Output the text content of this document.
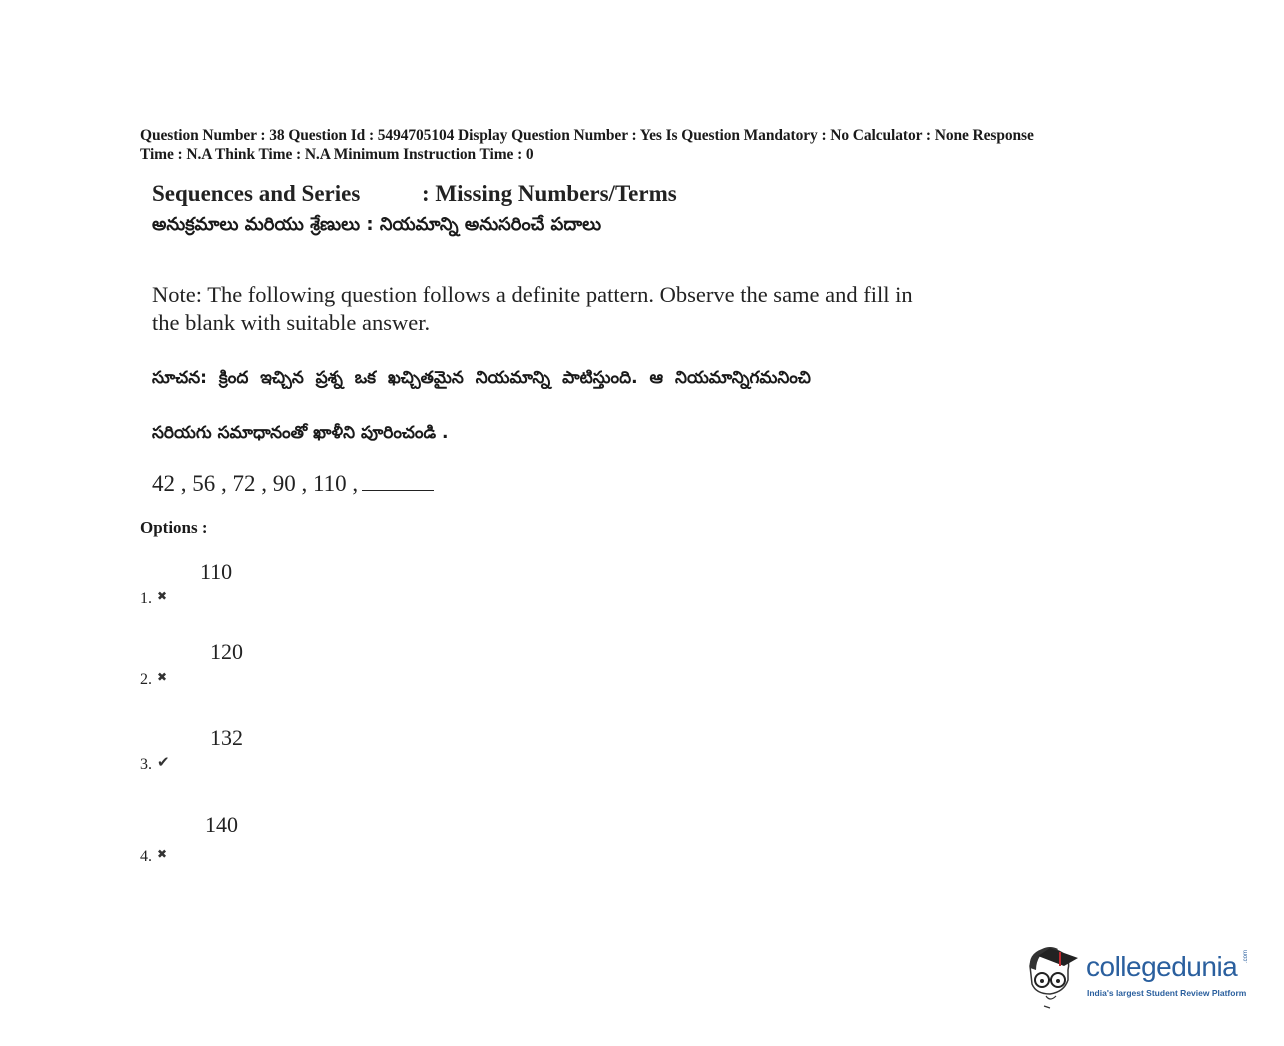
Question Number : 38 Question Id : 5494705104 Display Question Number : Yes Is Question Mandatory : No Calculator : None Response
Time : N.A Think Time : N.A Minimum Instruction Time : 0
Sequences and Series	: Missing Numbers/Terms
అనుక్రమాలు మరియు శ్రేణులు : నియమాన్ని అనుసరించే పదాలు
Note: The following question follows a definite pattern. Observe the same and fill in
the blank with suitable answer.
సూచన: క్రింద ఇచ్చిన ప్రశ్న ఒక ఖచ్చితమైన నియమాన్ని పాటిస్తుంది. ఆ నియమాన్నిగమనించి
సరియగు సమాధానంతో ఖాళీని పూరించండి .
42 , 56 , 72 , 90 , 110 ,
Options :
110
1. ✖
120
2. ✖
132
3. ✔
140
4. ✖
collegedunia .com
India's largest Student Review Platform
